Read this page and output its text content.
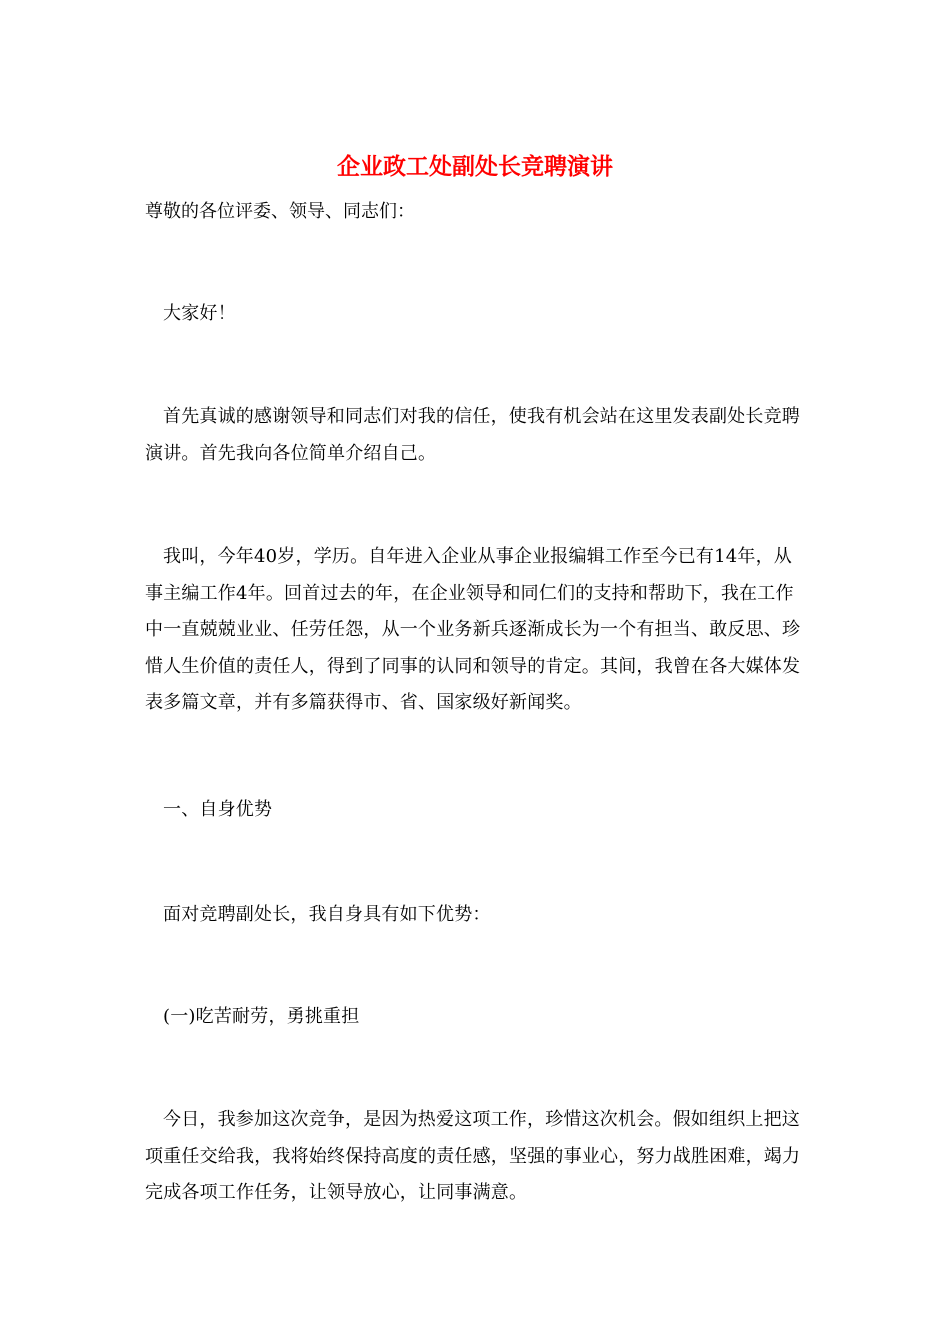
企业政工处副处长竞聘演讲

尊敬的各位评委、领导、同志们：

大家好！

首先真诚的感谢领导和同志们对我的信任，使我有机会站在这里发表副处长竞聘演讲。首先我向各位简单介绍自己。

我叫，今年40岁，学历。自年进入企业从事企业报编辑工作至今已有14年，从事主编工作4年。回首过去的年，在企业领导和同仁们的支持和帮助下，我在工作中一直兢兢业业、任劳任怨，从一个业务新兵逐渐成长为一个有担当、敢反思、珍惜人生价值的责任人，得到了同事的认同和领导的肯定。其间，我曾在各大媒体发表多篇文章，并有多篇获得市、省、国家级好新闻奖。

一、自身优势

面对竞聘副处长，我自身具有如下优势：

(一)吃苦耐劳，勇挑重担

今日，我参加这次竞争，是因为热爱这项工作，珍惜这次机会。假如组织上把这项重任交给我，我将始终保持高度的责任感，坚强的事业心，努力战胜困难，竭力完成各项工作任务，让领导放心，让同事满意。
